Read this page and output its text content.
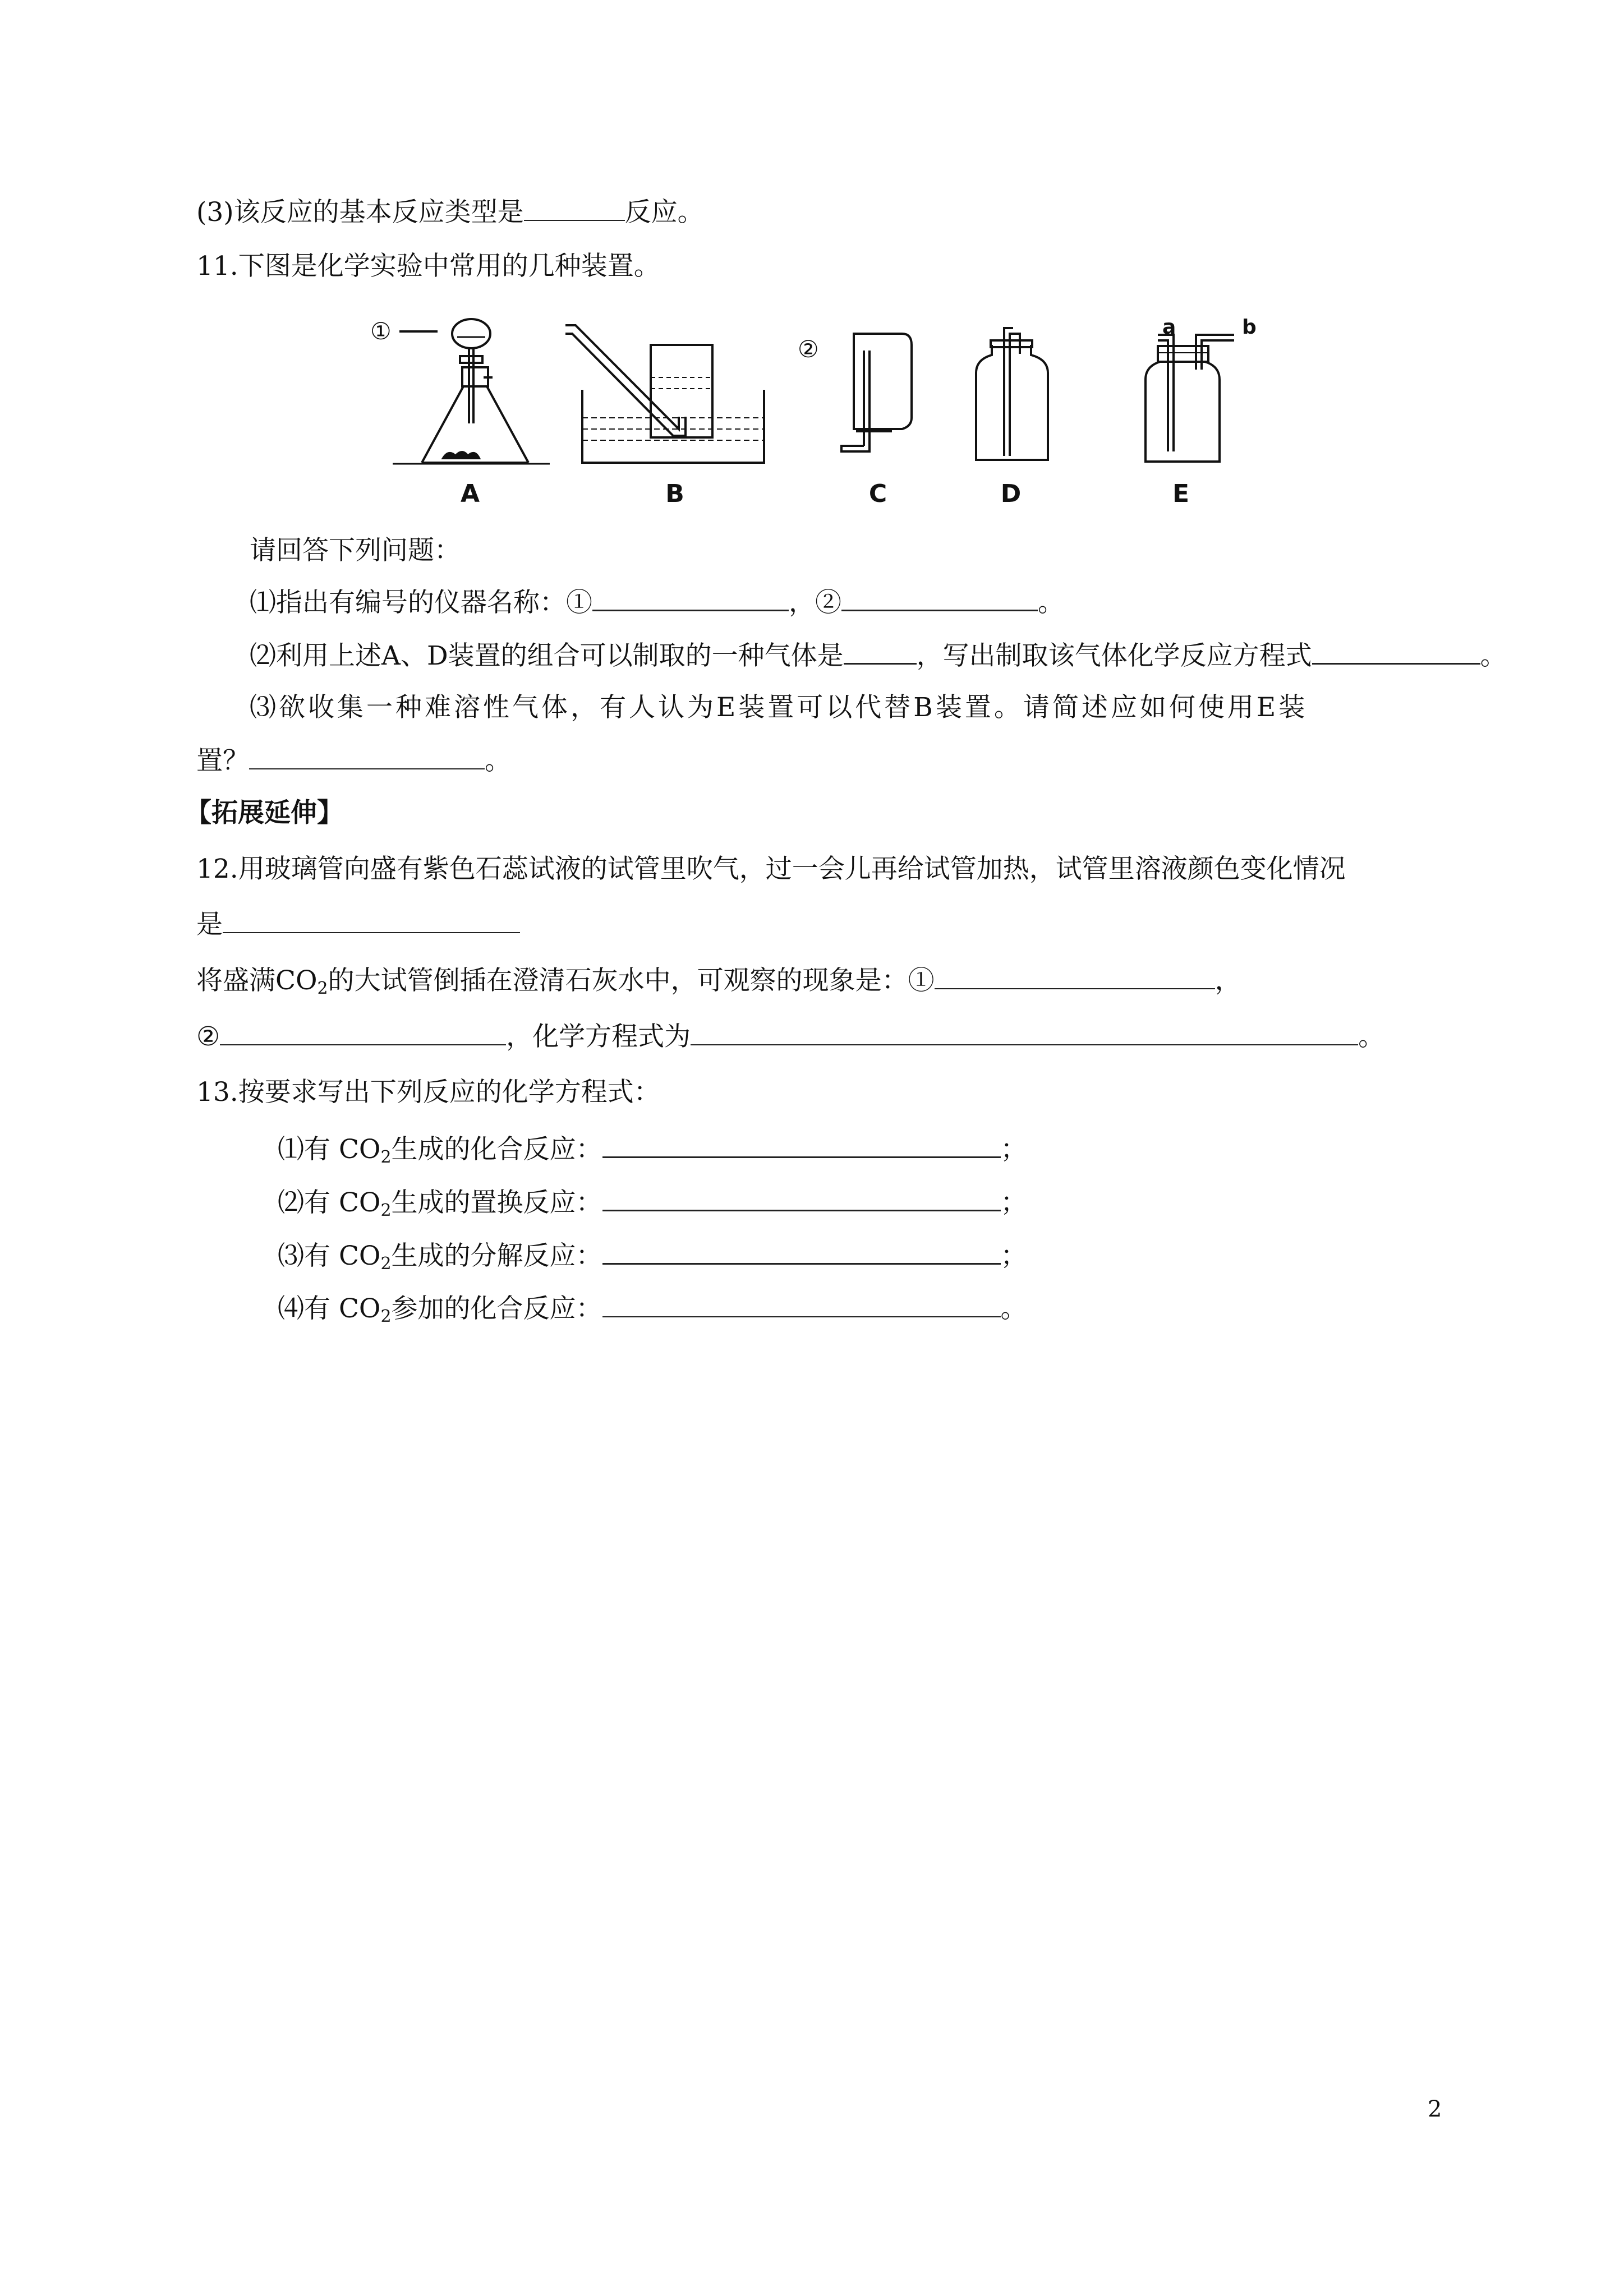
(3)该反应的基本反应类型是	反应。
11.下图是化学实验中常用的几种装置。
①
A	B
②
C	D
a	b
E
请回答下列问题：
⑴指出有编号的仪器名称：①	，②	。
⑵利用上述A、D装置的组合可以制取的一种气体是	，写出制取该气体化学反应方程式	。
⑶欲收集一种难溶性气体，有人认为E装置可以代替B装置。请简述应如何使用E装
置？	。
【拓展延伸】
12.用玻璃管向盛有紫色石蕊试液的试管里吹气，过一会儿再给试管加热，试管里溶液颜色变化情况
是
将盛满$CO_2$的大试管倒插在澄清石灰水中，可观察的现象是：①	，
②	，化学方程式为	。
13.按要求写出下列反应的化学方程式：
⑴有 $CO_2$生成的化合反应：	；
⑵有 $CO_2$生成的置换反应：	；
⑶有 $CO_2$生成的分解反应：	；
⑷有 $CO_2$参加的化合反应：	。
2
